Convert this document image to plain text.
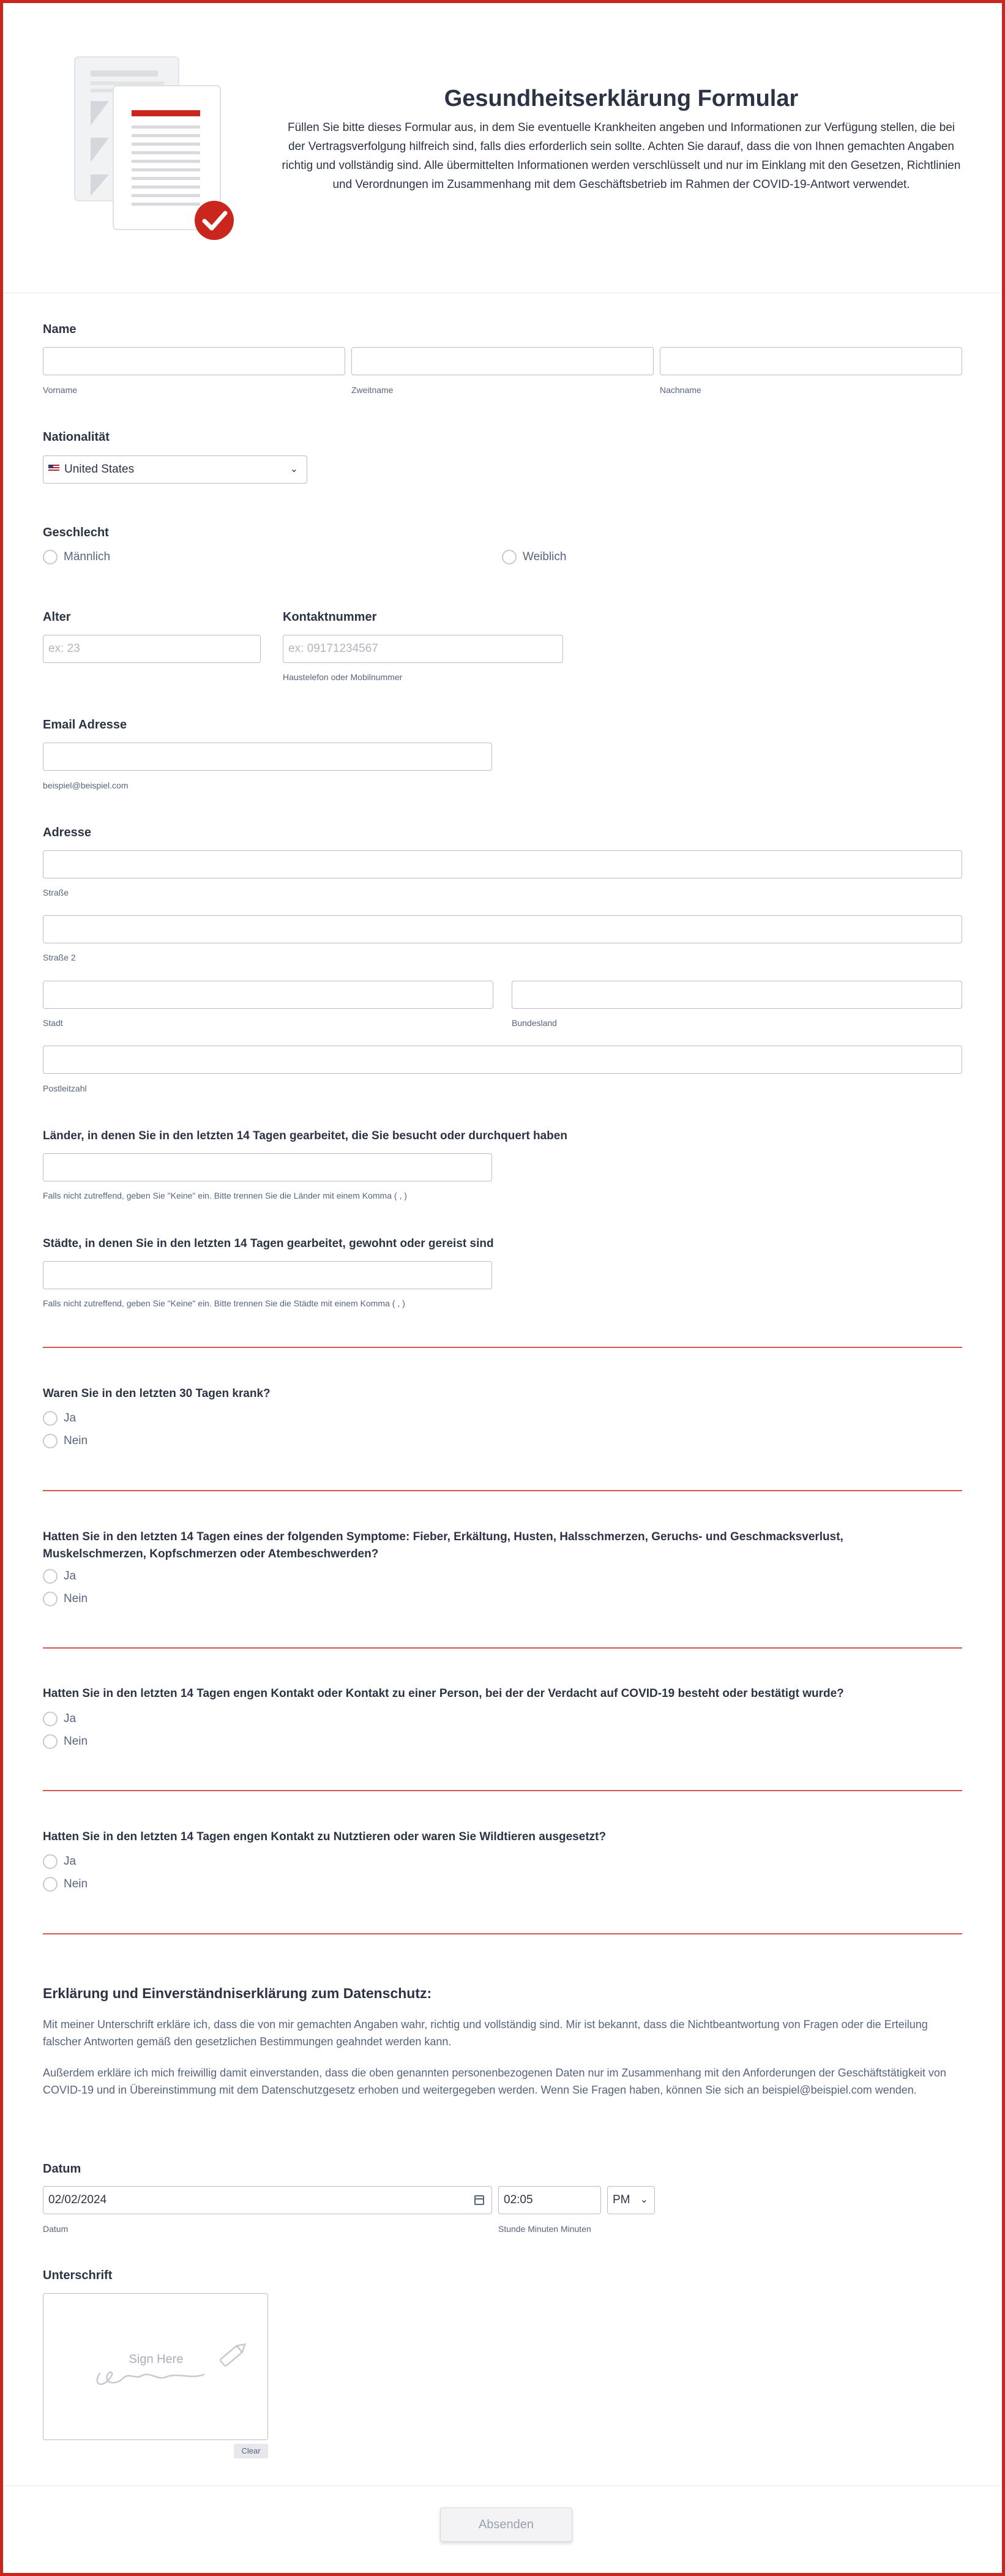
Gesundheitserklärung Formular
Füllen Sie bitte dieses Formular aus, in dem Sie eventuelle Krankheiten angeben und Informationen zur Verfügung stellen, die bei der Vertragsverfolgung hilfreich sind, falls dies erforderlich sein sollte. Achten Sie darauf, dass die von Ihnen gemachten Angaben richtig und vollständig sind. Alle übermittelten Informationen werden verschlüsselt und nur im Einklang mit den Gesetzen, Richtlinien und Verordnungen im Zusammenhang mit dem Geschäftsbetrieb im Rahmen der COVID-19-Antwort verwendet.
Name
Vorname	Zweitname	Nachname
Nationalität
United States	⌄
Geschlecht
Männlich	Weiblich
Alter
ex: 23
Kontaktnummer
ex: 09171234567
Haustelefon oder Mobilnummer
Email Adresse
beispiel@beispiel.com
Adresse
Straße
Straße 2
Stadt	Bundesland
Postleitzahl
Länder, in denen Sie in den letzten 14 Tagen gearbeitet, die Sie besucht oder durchquert haben
Falls nicht zutreffend, geben Sie "Keine" ein. Bitte trennen Sie die Länder mit einem Komma ( , )
Städte, in denen Sie in den letzten 14 Tagen gearbeitet, gewohnt oder gereist sind
Falls nicht zutreffend, geben Sie "Keine" ein. Bitte trennen Sie die Städte mit einem Komma ( , )
Waren Sie in den letzten 30 Tagen krank?
Ja
Nein
Hatten Sie in den letzten 14 Tagen eines der folgenden Symptome: Fieber, Erkältung, Husten, Halsschmerzen, Geruchs- und Geschmacksverlust, Muskelschmerzen, Kopfschmerzen oder Atembeschwerden?
Ja
Nein
Hatten Sie in den letzten 14 Tagen engen Kontakt oder Kontakt zu einer Person, bei der der Verdacht auf COVID-19 besteht oder bestätigt wurde?
Ja
Nein
Hatten Sie in den letzten 14 Tagen engen Kontakt zu Nutztieren oder waren Sie Wildtieren ausgesetzt?
Ja
Nein
Erklärung und Einverständniserklärung zum Datenschutz:
Mit meiner Unterschrift erkläre ich, dass die von mir gemachten Angaben wahr, richtig und vollständig sind. Mir ist bekannt, dass die Nichtbeantwortung von Fragen oder die Erteilung falscher Antworten gemäß den gesetzlichen Bestimmungen geahndet werden kann.
Außerdem erkläre ich mich freiwillig damit einverstanden, dass die oben genannten personenbezogenen Daten nur im Zusammenhang mit den Anforderungen der Geschäftstätigkeit von COVID-19 und in Übereinstimmung mit dem Datenschutzgesetz erhoben und weitergegeben werden. Wenn Sie Fragen haben, können Sie sich an beispiel@beispiel.com wenden.
Datum
02/02/2024
Datum
02:05	PM ⌄
Stunde Minuten Minuten
Unterschrift
Sign Here
Clear
Absenden
